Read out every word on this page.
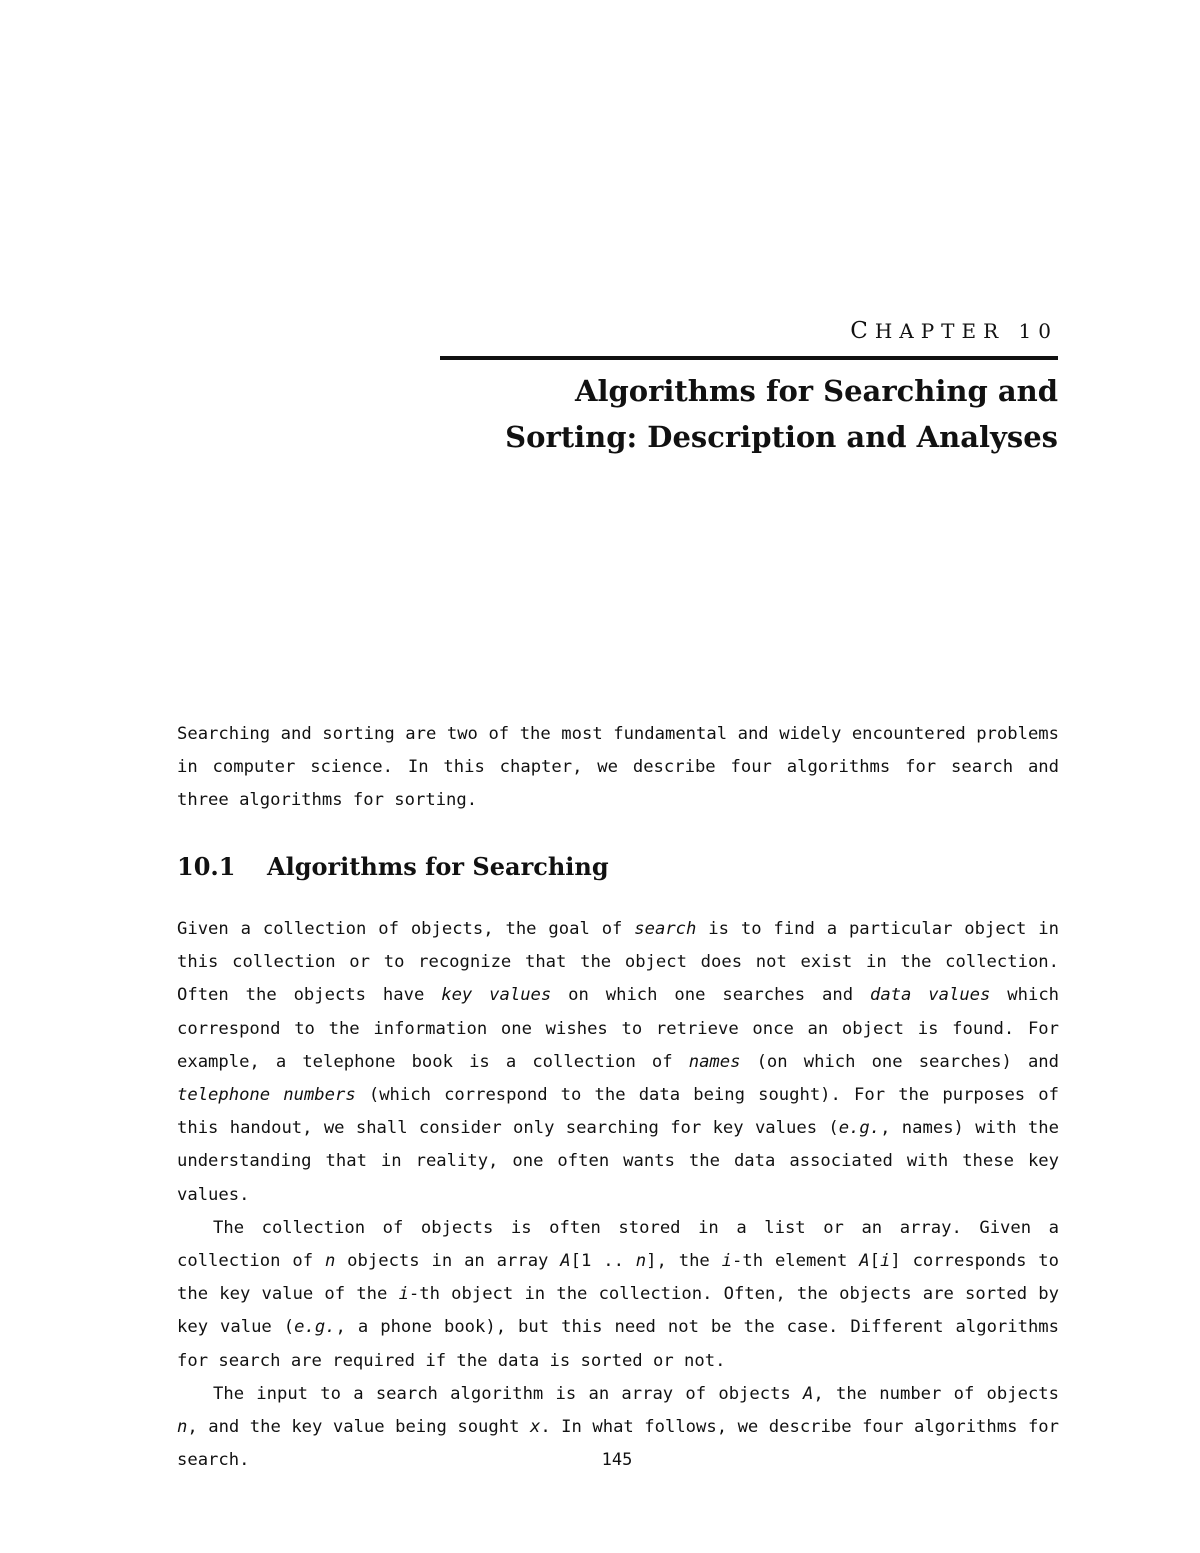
CHAPTER 10
Algorithms for Searching and
Sorting: Description and Analyses

Searching and sorting are two of the most fundamental and widely encountered problems in computer science. In this chapter, we describe four algorithms for search and three algorithms for sorting.

10.1 Algorithms for Searching

Given a collection of objects, the goal of search is to find a particular object in this collection or to recognize that the object does not exist in the collection. Often the objects have key values on which one searches and data values which correspond to the information one wishes to retrieve once an object is found. For example, a telephone book is a collection of names (on which one searches) and telephone numbers (which correspond to the data being sought). For the purposes of this handout, we shall consider only searching for key values (e.g., names) with the understanding that in reality, one often wants the data associated with these key values.

The collection of objects is often stored in a list or an array. Given a collection of n objects in an array A[1 .. n], the i-th element A[i] corresponds to the key value of the i-th object in the collection. Often, the objects are sorted by key value (e.g., a phone book), but this need not be the case. Different algorithms for search are required if the data is sorted or not.

The input to a search algorithm is an array of objects A, the number of objects n, and the key value being sought x. In what follows, we describe four algorithms for search.	145
